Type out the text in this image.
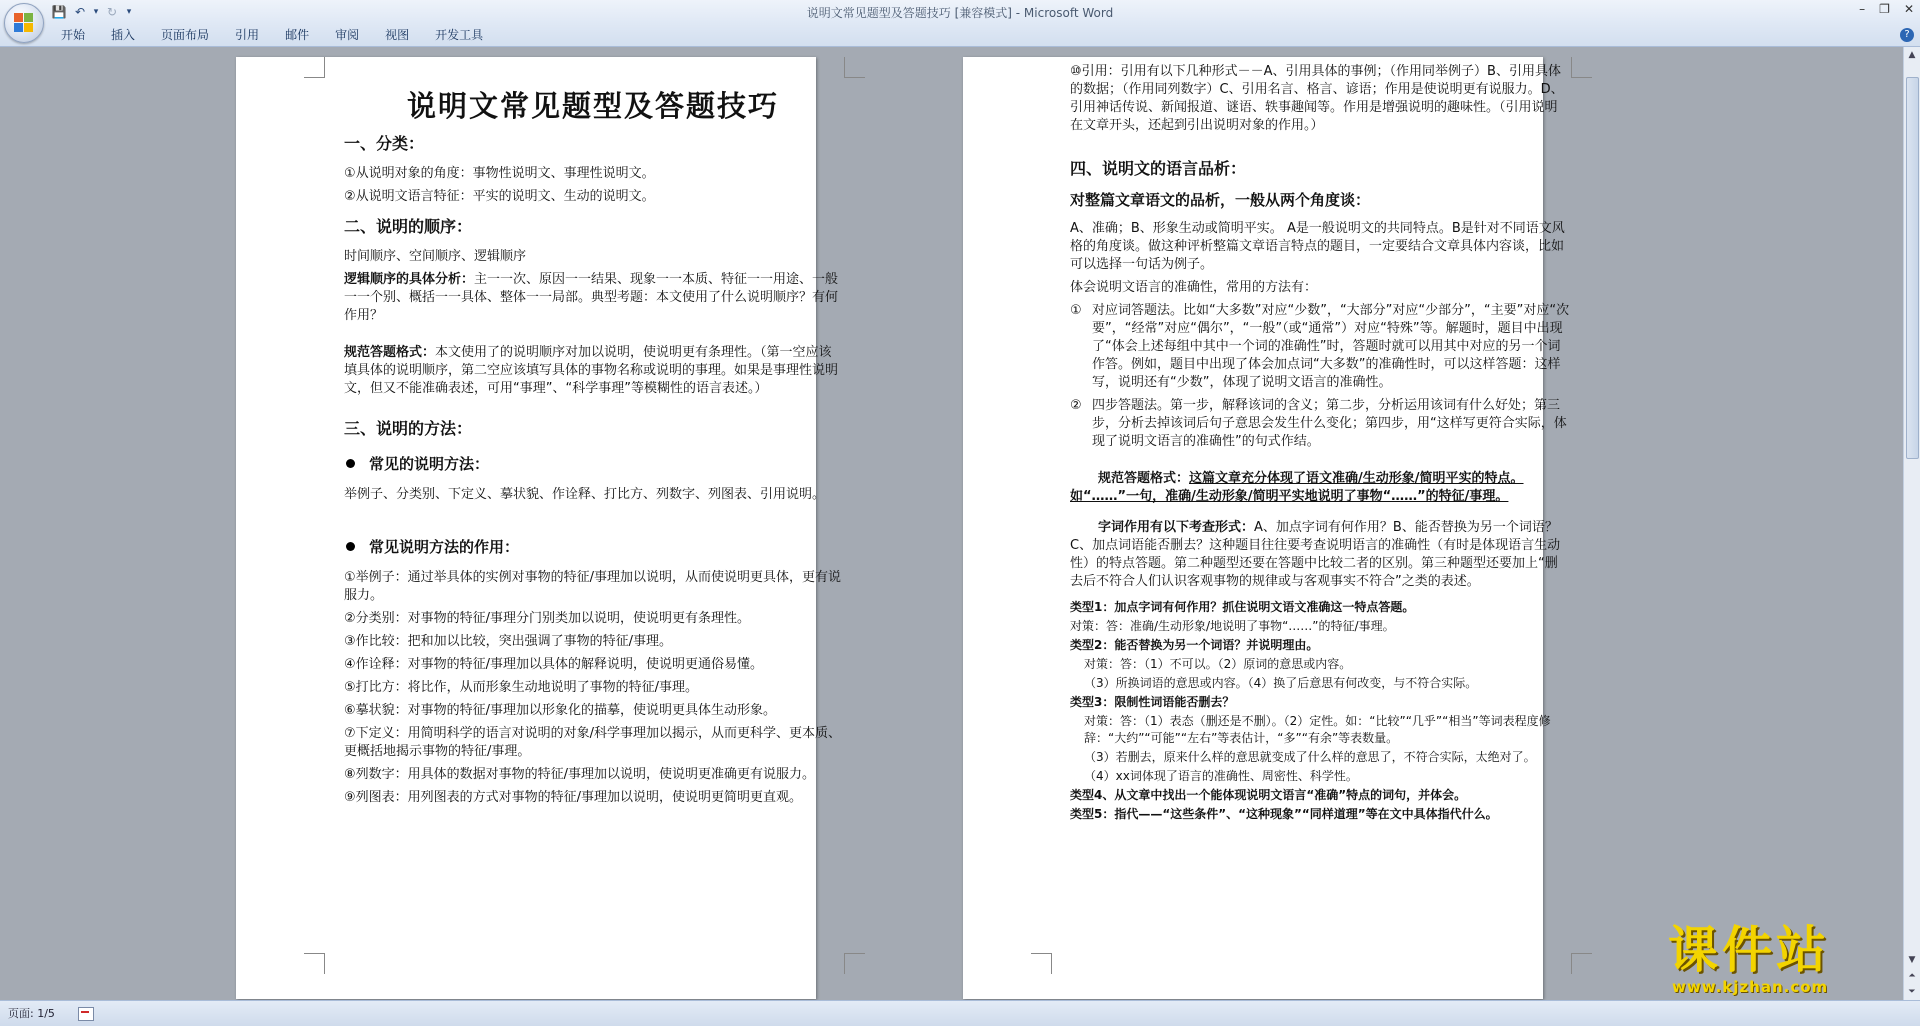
💾 ↶ ▾ ↻	▾	说明文常见题型及答题技巧 [兼容模式] - Microsoft Word	– ❐ ✕
开始	插入	页面布局	引用	邮件	审阅	视图	开发工具	?
说明文常见题型及答题技巧
一、分类：
①从说明对象的角度：事物性说明文、事理性说明文。
②从说明文语言特征：平实的说明文、生动的说明文。
二、说明的顺序：
时间顺序、空间顺序、逻辑顺序
逻辑顺序的具体分析：主一一次、原因一一结果、现象一一本质、特征一一用途、一般一一个别、概括一一具体、整体一一局部。典型考题：本文使用了什么说明顺序？有何作用？
规范答题格式：本文使用了的说明顺序对加以说明，使说明更有条理性。（第一空应该填具体的说明顺序，第二空应该填写具体的事物名称或说明的事理。如果是事理性说明文，但又不能准确表述，可用“事理”、“科学事理”等模糊性的语言表述。）
三、说明的方法：
常见的说明方法：
举例子、分类别、下定义、摹状貌、作诠释、打比方、列数字、列图表、引用说明。
常见说明方法的作用：
①举例子：通过举具体的实例对事物的特征/事理加以说明，从而使说明更具体，更有说服力。
②分类别：对事物的特征/事理分门别类加以说明，使说明更有条理性。
③作比较：把和加以比较，突出强调了事物的特征/事理。
④作诠释：对事物的特征/事理加以具体的解释说明，使说明更通俗易懂。
⑤打比方：将比作，从而形象生动地说明了事物的特征/事理。
⑥摹状貌：对事物的特征/事理加以形象化的描摹，使说明更具体生动形象。
⑦下定义：用简明科学的语言对说明的对象/科学事理加以揭示，从而更科学、更本质、更概括地揭示事物的特征/事理。
⑧列数字：用具体的数据对事物的特征/事理加以说明，使说明更准确更有说服力。
⑨列图表：用列图表的方式对事物的特征/事理加以说明，使说明更简明更直观。
⑩引用：引用有以下几种形式－－A、引用具体的事例；（作用同举例子）B、引用具体的数据；（作用同列数字）C、引用名言、格言、谚语；作用是使说明更有说服力。D、引用神话传说、新闻报道、谜语、轶事趣闻等。作用是增强说明的趣味性。（引用说明在文章开头，还起到引出说明对象的作用。）
四、说明文的语言品析：
对整篇文章语文的品析，一般从两个角度谈：
A、准确；B、形象生动或简明平实。 A是一般说明文的共同特点。B是针对不同语文风格的角度谈。做这种评析整篇文章语言特点的题目，一定要结合文章具体内容谈，比如可以选择一句话为例子。
体会说明文语言的准确性，常用的方法有：
① 对应词答题法。比如“大多数”对应“少数”，“大部分”对应“少部分”，“主要”对应“次要”，“经常”对应“偶尔”，“一般”（或“通常”）对应“特殊”等。解题时，题目中出现了“体会上述每组中其中一个词的准确性”时，答题时就可以用其中对应的另一个词作答。例如，题目中出现了体会加点词“大多数”的准确性时，可以这样答题：这样写，说明还有“少数”，体现了说明文语言的准确性。
② 四步答题法。第一步，解释该词的含义；第二步，分析运用该词有什么好处；第三步，分析去掉该词后句子意思会发生什么变化；第四步，用“这样写更符合实际，体现了说明文语言的准确性”的句式作结。
规范答题格式：这篇文章充分体现了语文准确/生动形象/简明平实的特点。如“……”一句，准确/生动形象/简明平实地说明了事物“……”的特征/事理。
字词作用有以下考查形式：A、加点字词有何作用？B、能否替换为另一个词语？C、加点词语能否删去？这种题目往往要考查说明语言的准确性（有时是体现语言生动性）的特点答题。第二种题型还要在答题中比较二者的区别。第三种题型还要加上“删去后不符合人们认识客观事物的规律或与客观事实不符合”之类的表述。
类型1：加点字词有何作用？抓住说明文语文准确这一特点答题。
对策：答：准确/生动形象/地说明了事物“……”的特征/事理。
类型2：能否替换为另一个词语？并说明理由。
对策：答：（1）不可以。（2）原词的意思或内容。
（3）所换词语的意思或内容。（4）换了后意思有何改变，与不符合实际。
类型3：限制性词语能否删去？
对策：答：（1）表态（删还是不删）。（2）定性。如：“比较”“几乎”“相当”等词表程度修辞：“大约”“可能”“左右”等表估计，“多”“有余”等表数量。
（3）若删去，原来什么样的意思就变成了什么样的意思了，不符合实际，太绝对了。
（4）xx词体现了语言的准确性、周密性、科学性。
类型4、从文章中找出一个能体现说明文语言“准确”特点的词句，并体会。
类型5：指代——“这些条件”、“这种现象”“同样道理”等在文中具体指代什么。
▲
▼
⏶
⏷
课件站
www.kjzhan.com
页面: 1/5
